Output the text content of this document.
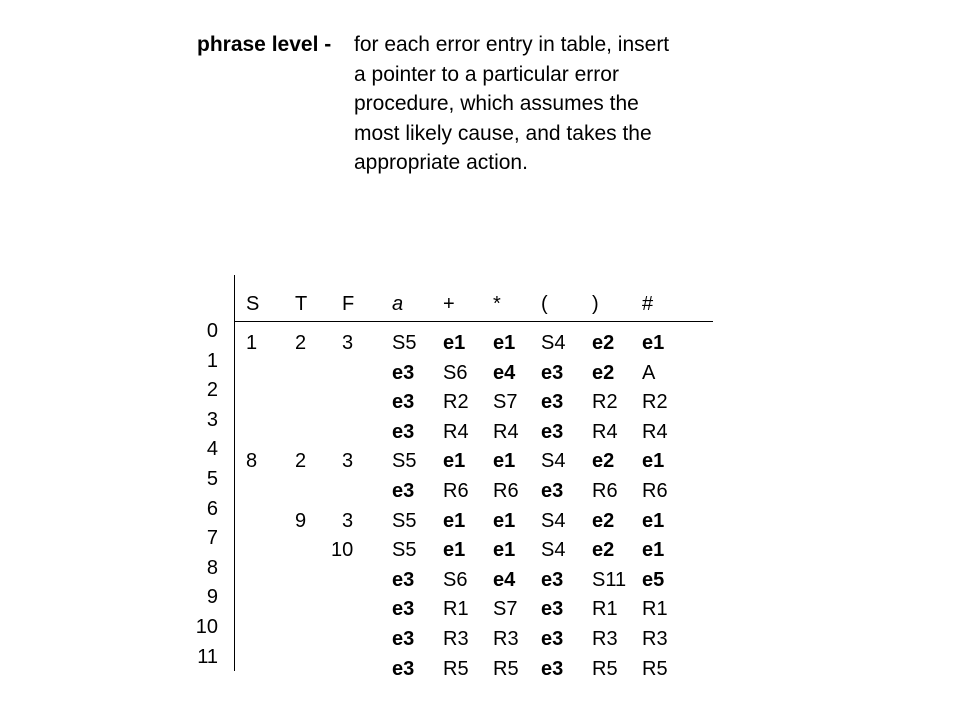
phrase level - for each error entry in table, insert
a pointer to a particular error
procedure, which assumes the
most likely cause, and takes the
appropriate action.
S T F a + * ( ) #
0
1
2
3
4
5
6
7
8
9
10
11
1 2 3 S5 e1 e1 S4 e2 e1
e3 S6 e4 e3 e2 A
e3 R2 S7 e3 R2 R2
e3 R4 R4 e3 R4 R4
8 2 3 S5 e1 e1 S4 e2 e1
e3 R6 R6 e3 R6 R6
9 3 S5 e1 e1 S4 e2 e1
10 S5 e1 e1 S4 e2 e1
e3 S6 e4 e3 S11 e5
e3 R1 S7 e3 R1 R1
e3 R3 R3 e3 R3 R3
e3 R5 R5 e3 R5 R5
